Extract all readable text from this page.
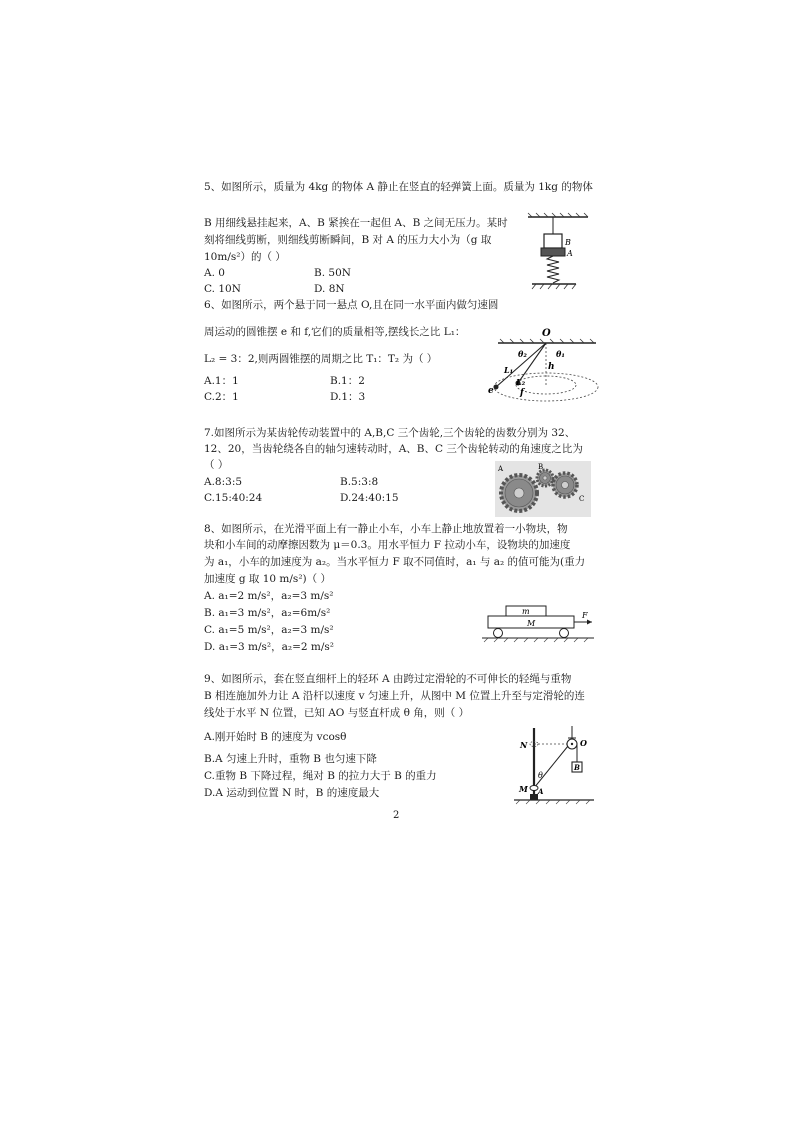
5、如图所示，质量为 4kg 的物体 A 静止在竖直的轻弹簧上面。质量为 1kg 的物体
B 用细线悬挂起来，A、B 紧挨在一起但 A、B 之间无压力。某时
刻将细线剪断，则细线剪断瞬间，B 对 A 的压力大小为（g 取
10m/s²）的（ ）
A. 0	B. 50N
C. 10N	D. 8N
B
A
6、如图所示，两个悬于同一悬点 O,且在同一水平面内做匀速圆
周运动的圆锥摆 e 和 f,它们的质量相等,摆线长之比 L₁：
L₂ = 3：2,则两圆锥摆的周期之比 T₁：T₂ 为（ ）
A.1：1	B.1：2
C.2：1	D.1：3
O
θ₂	θ₁
h
L₁
L₂
e	f
7.如图所示为某齿轮传动装置中的 A,B,C 三个齿轮,三个齿轮的齿数分别为 32、
12、20，当齿轮绕各自的轴匀速转动时，A、B、C 三个齿轮转动的角速度之比为
（ ）
A.8:3:5	B.5:3:8
C.15:40:24	D.24:40:15
A	B
C
8、如图所示，在光滑平面上有一静止小车，小车上静止地放置着一小物块，物
块和小车间的动摩擦因数为 μ＝0.3。用水平恒力 F 拉动小车，设物块的加速度
为 a₁，小车的加速度为 a₂。当水平恒力 F 取不同值时，a₁ 与 a₂ 的值可能为(重力
加速度 g 取 10 m/s²)（ ）
A. a₁=2 m/s²，a₂=3 m/s²
B. a₁=3 m/s²，a₂=6m/s²
C. a₁=5 m/s²，a₂=3 m/s²
D. a₁=3 m/s²，a₂=2 m/s²
m
M
F
9、如图所示，套在竖直细杆上的轻环 A 由跨过定滑轮的不可伸长的轻绳与重物
B 相连施加外力让 A 沿杆以速度 v 匀速上升，从图中 M 位置上升至与定滑轮的连
线处于水平 N 位置，已知 AO 与竖直杆成 θ 角，则（ ）
A.刚开始时 B 的速度为 vcosθ
B.A 匀速上升时，重物 B 也匀速下降
C.重物 B 下降过程，绳对 B 的拉力大于 B 的重力
D.A 运动到位置 N 时，B 的速度最大
N	O
M A
B
θ
2
